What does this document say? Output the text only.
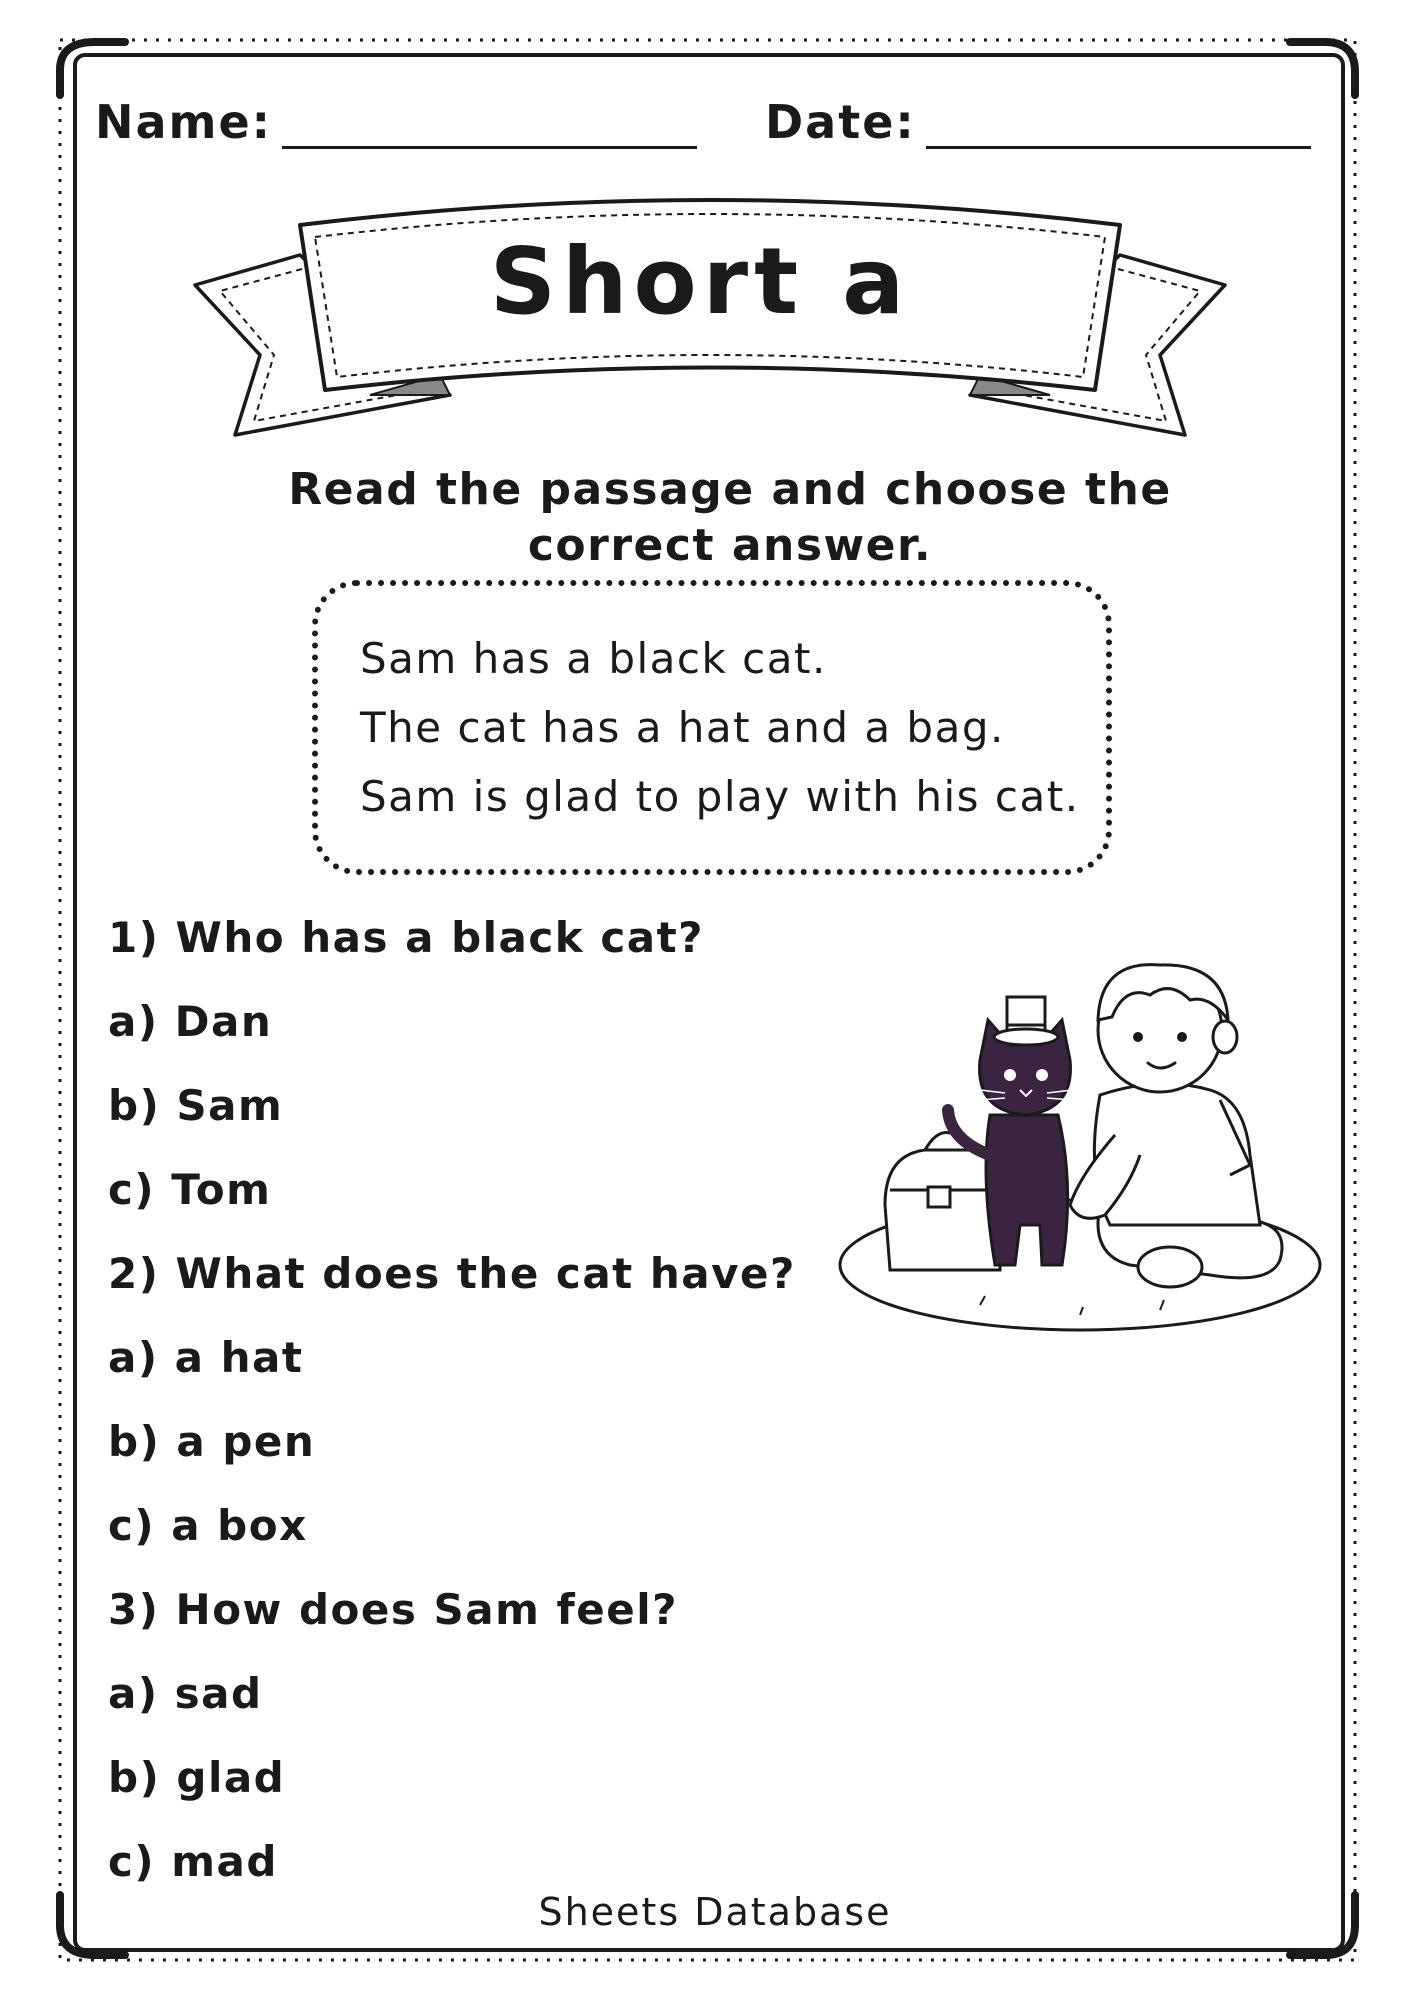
Name:	Date:
Short a
Read the passage and choose the correct answer.
Sam has a black cat.
The cat has a hat and a bag.
Sam is glad to play with his cat.
1) Who has a black cat?
a) Dan
b) Sam
c) Tom
2) What does the cat have?
a) a hat
b) a pen
c) a box
3) How does Sam feel?
a) sad
b) glad
c) mad
Sheets Database
